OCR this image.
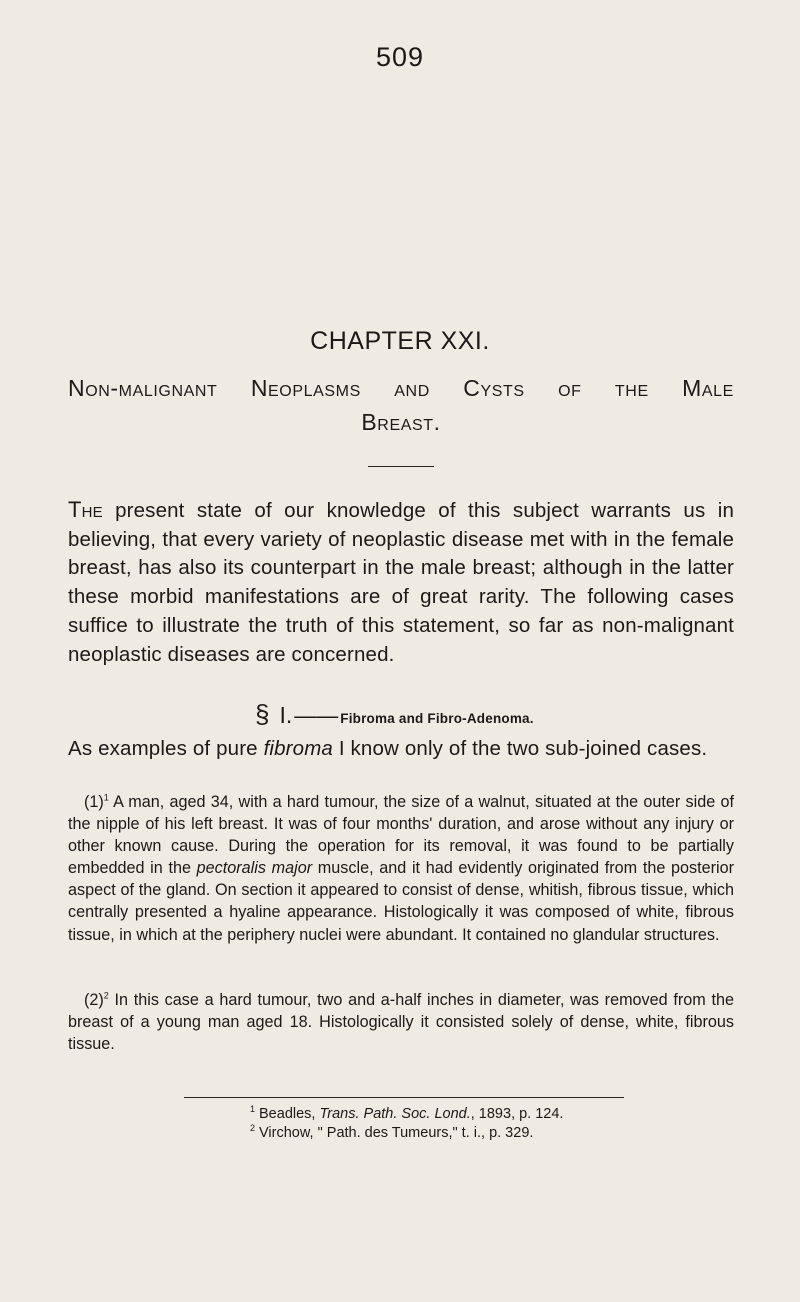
509
CHAPTER XXI.
Non-malignant Neoplasms and Cysts of the Male
Breast.

The present state of our knowledge of this subject warrants us in believing, that every variety of neoplastic disease met with in the female breast, has also its counterpart in the male breast; although in the latter these morbid manifestations are of great rarity. The following cases suffice to illustrate the truth of this statement, so far as non-malignant neoplastic diseases are concerned.

§ I. —— Fibroma and Fibro-Adenoma.

As examples of pure fibroma I know only of the two sub-joined cases.

$(1)^1$ A man, aged 34, with a hard tumour, the size of a walnut, situated at the outer side of the nipple of his left breast. It was of four months' duration, and arose without any injury or other known cause. During the operation for its removal, it was found to be partially embedded in the pectoralis major muscle, and it had evidently originated from the posterior aspect of the gland. On section it appeared to consist of dense, whitish, fibrous tissue, which centrally presented a hyaline appearance. Histologically it was composed of white, fibrous tissue, in which at the periphery nuclei were abundant. It contained no glandular structures.

$(2)^2$ In this case a hard tumour, two and a-half inches in diameter, was removed from the breast of a young man aged 18. Histologically it consisted solely of dense, white, fibrous tissue.

$^1$ Beadles, Trans. Path. Soc. Lond., 1893, p. 124.
$^2$ Virchow, " Path. des Tumeurs," t. i., p. 329.
